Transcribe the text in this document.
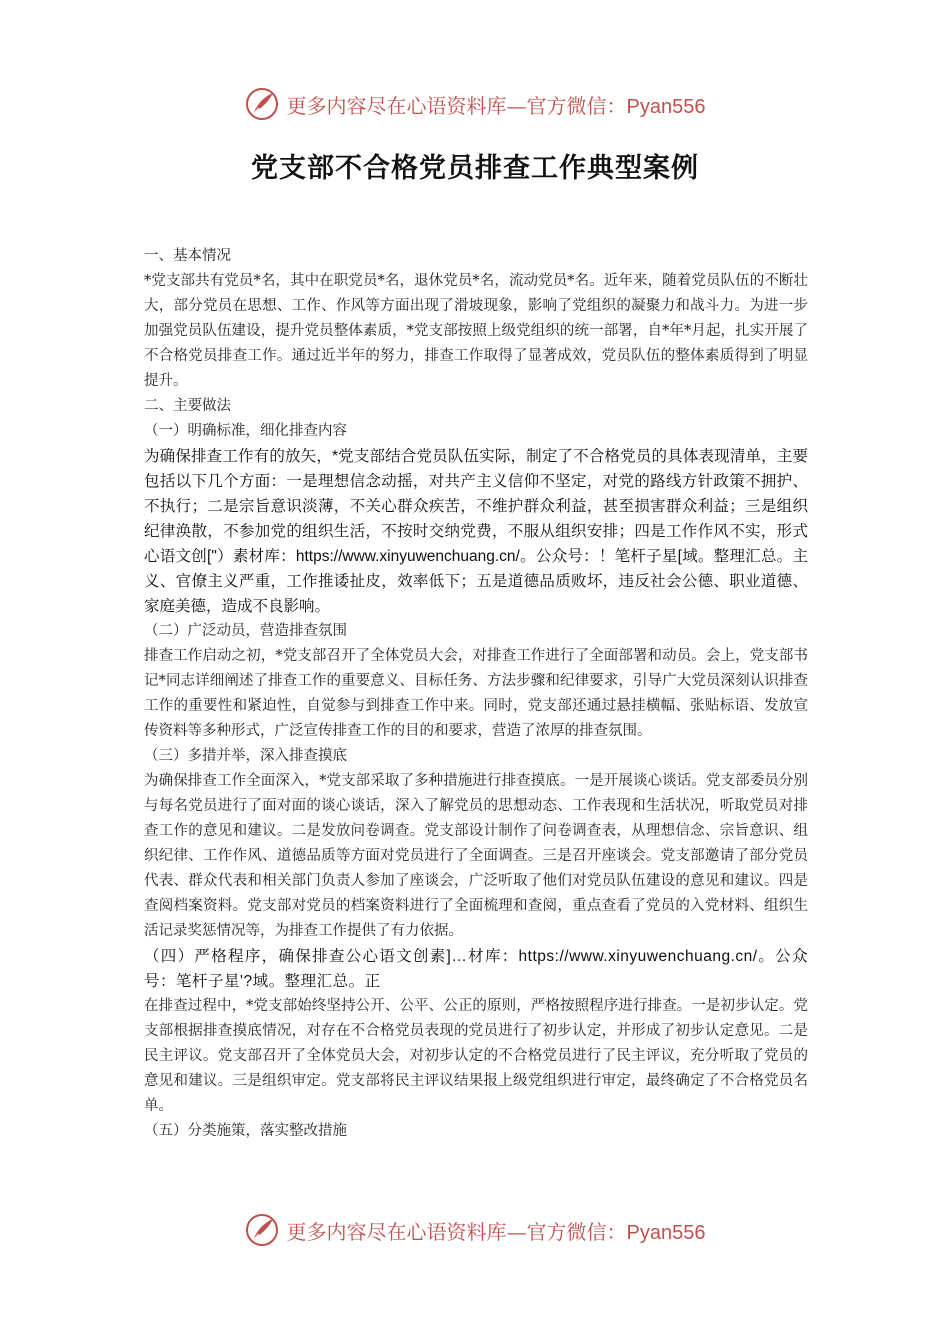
更多内容尽在心语资料库—官方微信：Pyan556
党支部不合格党员排查工作典型案例

一、基本情况

*党支部共有党员*名，其中在职党员*名，退休党员*名，流动党员*名。近年来，随着党员队伍的不断壮大，部分党员在思想、工作、作风等方面出现了滑坡现象，影响了党组织的凝聚力和战斗力。为进一步加强党员队伍建设，提升党员整体素质，*党支部按照上级党组织的统一部署，自*年*月起，扎实开展了不合格党员排查工作。通过近半年的努力，排查工作取得了显著成效，党员队伍的整体素质得到了明显提升。

二、主要做法

（一）明确标准，细化排查内容

为确保排查工作有的放矢，*党支部结合党员队伍实际，制定了不合格党员的具体表现清单，主要包括以下几个方面：一是理想信念动摇，对共产主义信仰不坚定，对党的路线方针政策不拥护、不执行；二是宗旨意识淡薄，不关心群众疾苦，不维护群众利益，甚至损害群众利益；三是组织纪律涣散，不参加党的组织生活，不按时交纳党费，不服从组织安排；四是工作作风不实，形式心语文创["）素材库：https://www.xinyuwenchuang.cn/。公众号：！笔杆子星[域。整理汇总。主义、官僚主义严重，工作推诿扯皮，效率低下；五是道德品质败坏，违反社会公德、职业道德、家庭美德，造成不良影响。

（二）广泛动员，营造排查氛围

排查工作启动之初，*党支部召开了全体党员大会，对排查工作进行了全面部署和动员。会上，党支部书记*同志详细阐述了排查工作的重要意义、目标任务、方法步骤和纪律要求，引导广大党员深刻认识排查工作的重要性和紧迫性，自觉参与到排查工作中来。同时，党支部还通过悬挂横幅、张贴标语、发放宣传资料等多种形式，广泛宣传排查工作的目的和要求，营造了浓厚的排查氛围。

（三）多措并举，深入排查摸底

为确保排查工作全面深入，*党支部采取了多种措施进行排查摸底。一是开展谈心谈话。党支部委员分别与每名党员进行了面对面的谈心谈话，深入了解党员的思想动态、工作表现和生活状况，听取党员对排查工作的意见和建议。二是发放问卷调查。党支部设计制作了问卷调查表，从理想信念、宗旨意识、组织纪律、工作作风、道德品质等方面对党员进行了全面调查。三是召开座谈会。党支部邀请了部分党员代表、群众代表和相关部门负责人参加了座谈会，广泛听取了他们对党员队伍建设的意见和建议。四是查阅档案资料。党支部对党员的档案资料进行了全面梳理和查阅，重点查看了党员的入党材料、组织生活记录奖惩情况等，为排查工作提供了有力依据。

（四）严格程序，确保排查公心语文创素]…材库：https://www.xinyuwenchuang.cn/。公众号：笔杆子星'?域。整理汇总。正

在排查过程中，*党支部始终坚持公开、公平、公正的原则，严格按照程序进行排查。一是初步认定。党支部根据排查摸底情况，对存在不合格党员表现的党员进行了初步认定，并形成了初步认定意见。二是民主评议。党支部召开了全体党员大会，对初步认定的不合格党员进行了民主评议，充分听取了党员的意见和建议。三是组织审定。党支部将民主评议结果报上级党组织进行审定，最终确定了不合格党员名单。

（五）分类施策，落实整改措施

更多内容尽在心语资料库—官方微信：Pyan556
